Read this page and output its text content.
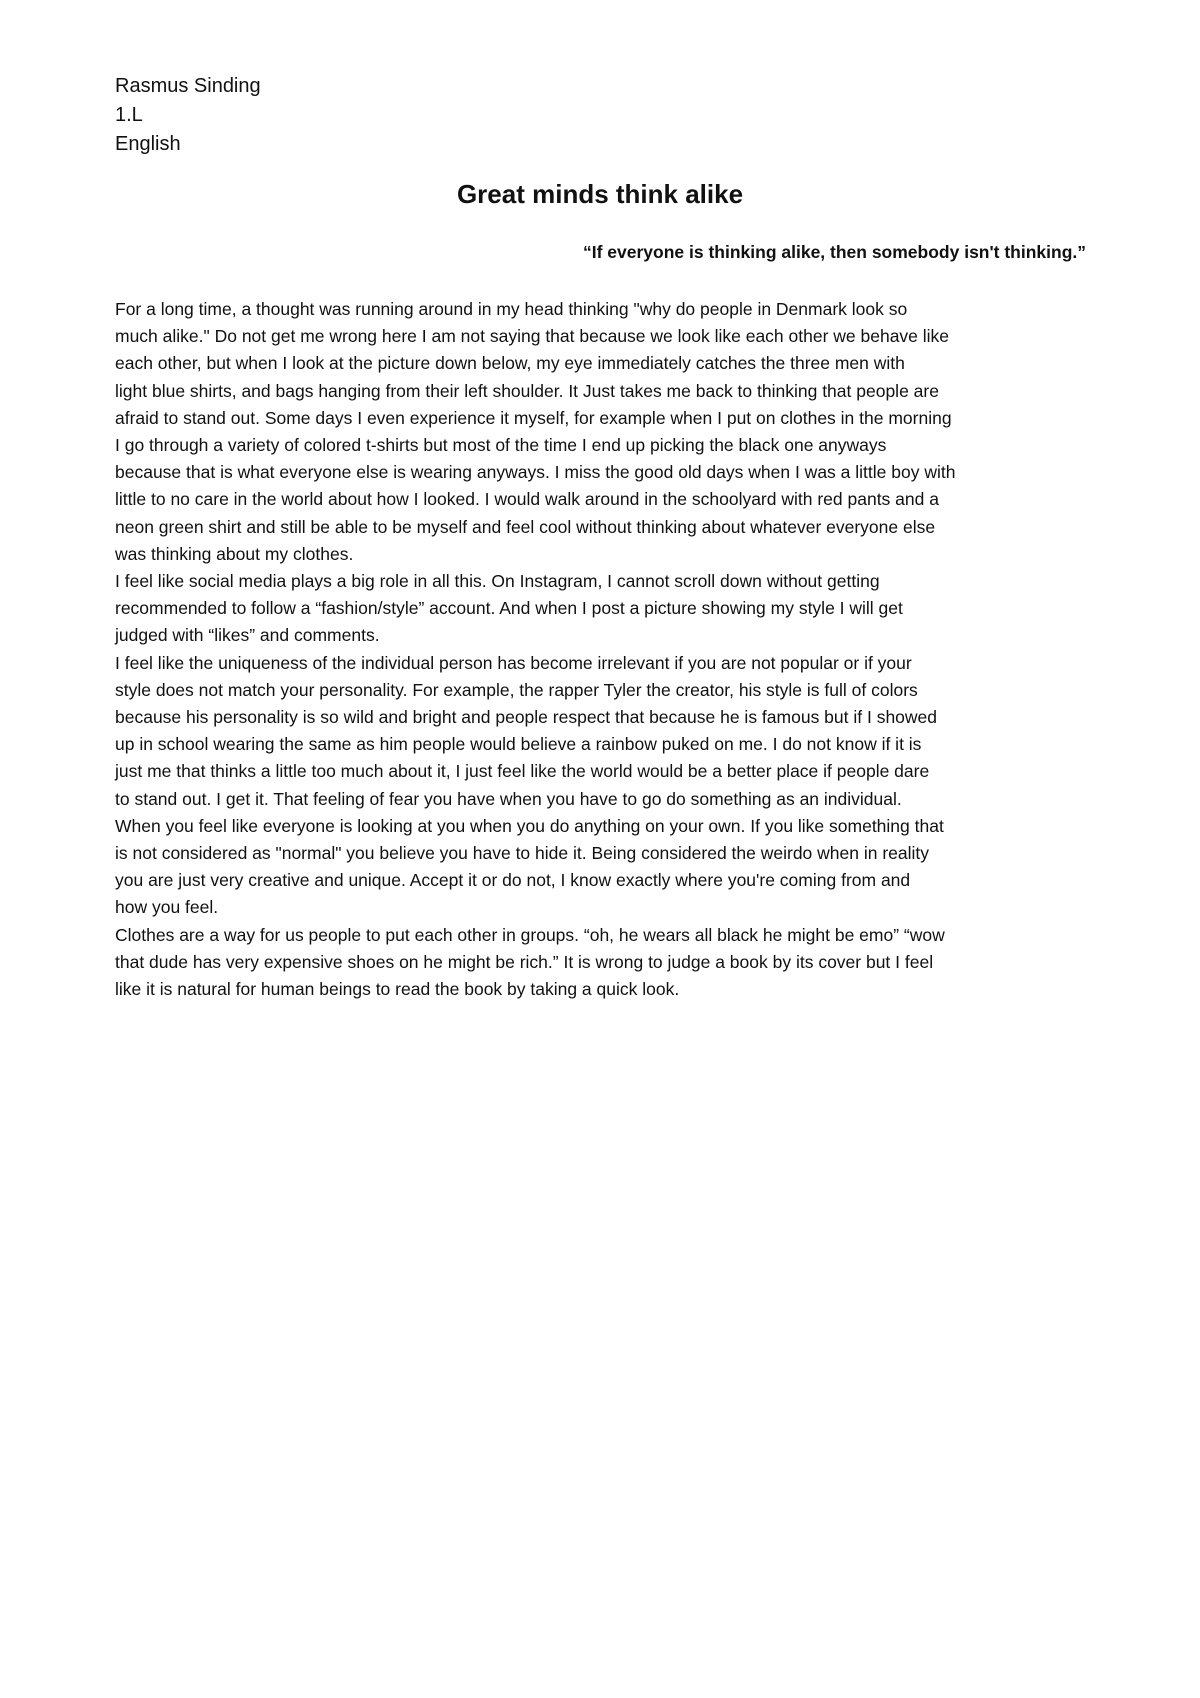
Rasmus Sinding
1.L
English
Great minds think alike
“If everyone is thinking alike, then somebody isn't thinking.”
For a long time, a thought was running around in my head thinking "why do people in Denmark look so
much alike." Do not get me wrong here I am not saying that because we look like each other we behave like
each other, but when I look at the picture down below, my eye immediately catches the three men with
light blue shirts, and bags hanging from their left shoulder. It Just takes me back to thinking that people are
afraid to stand out. Some days I even experience it myself, for example when I put on clothes in the morning
I go through a variety of colored t-shirts but most of the time I end up picking the black one anyways
because that is what everyone else is wearing anyways. I miss the good old days when I was a little boy with
little to no care in the world about how I looked. I would walk around in the schoolyard with red pants and a
neon green shirt and still be able to be myself and feel cool without thinking about whatever everyone else
was thinking about my clothes.
I feel like social media plays a big role in all this. On Instagram, I cannot scroll down without getting
recommended to follow a “fashion/style” account. And when I post a picture showing my style I will get
judged with “likes” and comments.
I feel like the uniqueness of the individual person has become irrelevant if you are not popular or if your
style does not match your personality. For example, the rapper Tyler the creator, his style is full of colors
because his personality is so wild and bright and people respect that because he is famous but if I showed
up in school wearing the same as him people would believe a rainbow puked on me. I do not know if it is
just me that thinks a little too much about it, I just feel like the world would be a better place if people dare
to stand out. I get it. That feeling of fear you have when you have to go do something as an individual.
When you feel like everyone is looking at you when you do anything on your own. If you like something that
is not considered as "normal" you believe you have to hide it. Being considered the weirdo when in reality
you are just very creative and unique. Accept it or do not, I know exactly where you're coming from and
how you feel.
Clothes are a way for us people to put each other in groups. “oh, he wears all black he might be emo” “wow
that dude has very expensive shoes on he might be rich.” It is wrong to judge a book by its cover but I feel
like it is natural for human beings to read the book by taking a quick look.
